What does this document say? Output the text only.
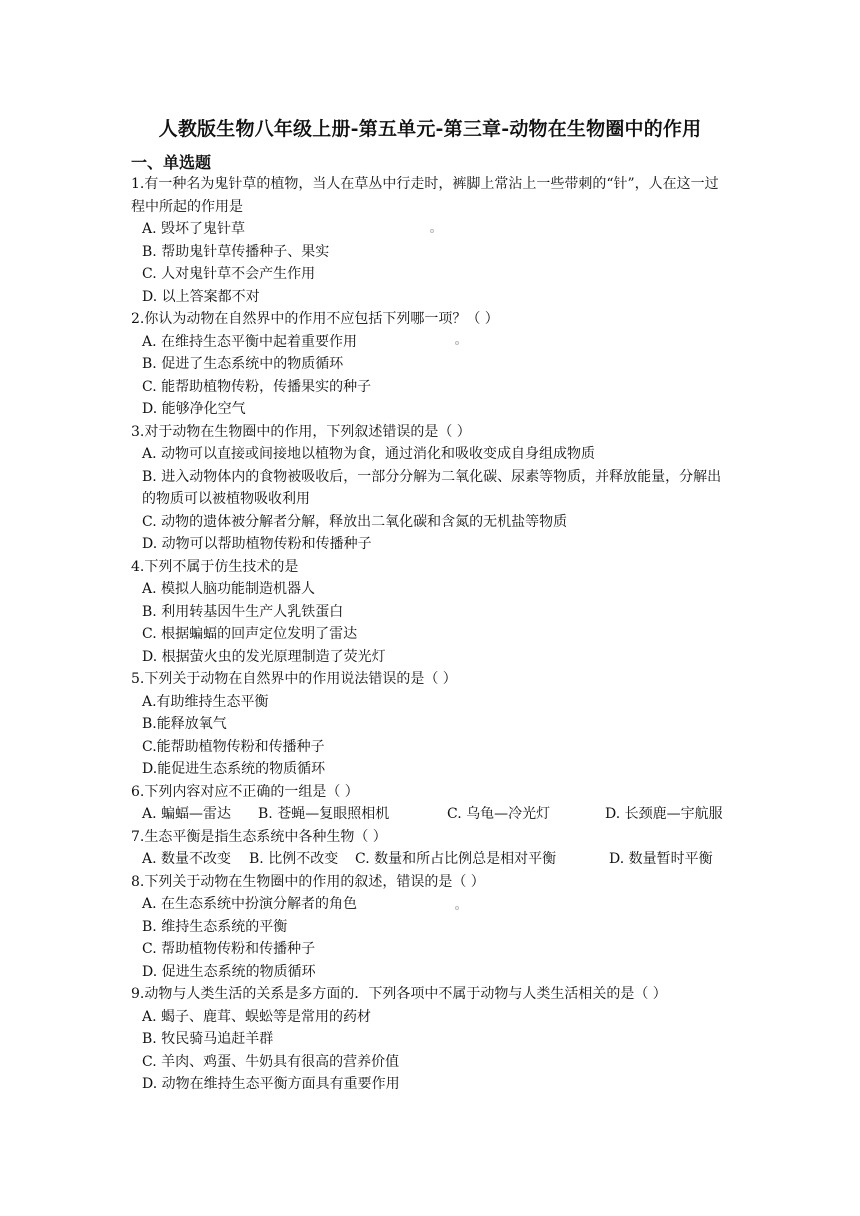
人教版生物八年级上册-第五单元-第三章-动物在生物圈中的作用
一、单选题

1.有一种名为鬼针草的植物，当人在草丛中行走时，裤脚上常沾上一些带刺的“针”，人在这一过程中所起的作用是

A. 毁坏了鬼针草

B. 帮助鬼针草传播种子、果实

C. 人对鬼针草不会产生作用

D. 以上答案都不对

2.你认为动物在自然界中的作用不应包括下列哪一项？（ ）

A. 在维持生态平衡中起着重要作用

B. 促进了生态系统中的物质循环

C. 能帮助植物传粉，传播果实的种子

D. 能够净化空气

3.对于动物在生物圈中的作用，下列叙述错误的是（ ）

A. 动物可以直接或间接地以植物为食，通过消化和吸收变成自身组成物质

B. 进入动物体内的食物被吸收后，一部分分解为二氧化碳、尿素等物质，并释放能量，分解出的物质可以被植物吸收利用

C. 动物的遗体被分解者分解，释放出二氧化碳和含氮的无机盐等物质

D. 动物可以帮助植物传粉和传播种子

4.下列不属于仿生技术的是

A. 模拟人脑功能制造机器人

B. 利用转基因牛生产人乳铁蛋白

C. 根据蝙蝠的回声定位发明了雷达

D. 根据萤火虫的发光原理制造了荧光灯

5.下列关于动物在自然界中的作用说法错误的是（ ）

A.有助维持生态平衡

B.能释放氧气

C.能帮助植物传粉和传播种子

D.能促进生态系统的物质循环

6.下列内容对应不正确的一组是（ ）

A. 蝙蝠—雷达	B. 苍蝇—复眼照相机	C. 乌龟—冷光灯	D. 长颈鹿—宇航服

7.生态平衡是指生态系统中各种生物（ ）

A. 数量不改变	B. 比例不改变	C. 数量和所占比例总是相对平衡	D. 数量暂时平衡

8.下列关于动物在生物圈中的作用的叙述，错误的是（ ）

A. 在生态系统中扮演分解者的角色

B. 维持生态系统的平衡

C. 帮助植物传粉和传播种子

D. 促进生态系统的物质循环

9.动物与人类生活的关系是多方面的．下列各项中不属于动物与人类生活相关的是（ ）

A. 蝎子、鹿茸、蜈蚣等是常用的药材

B. 牧民骑马追赶羊群

C. 羊肉、鸡蛋、牛奶具有很高的营养价值

D. 动物在维持生态平衡方面具有重要作用
